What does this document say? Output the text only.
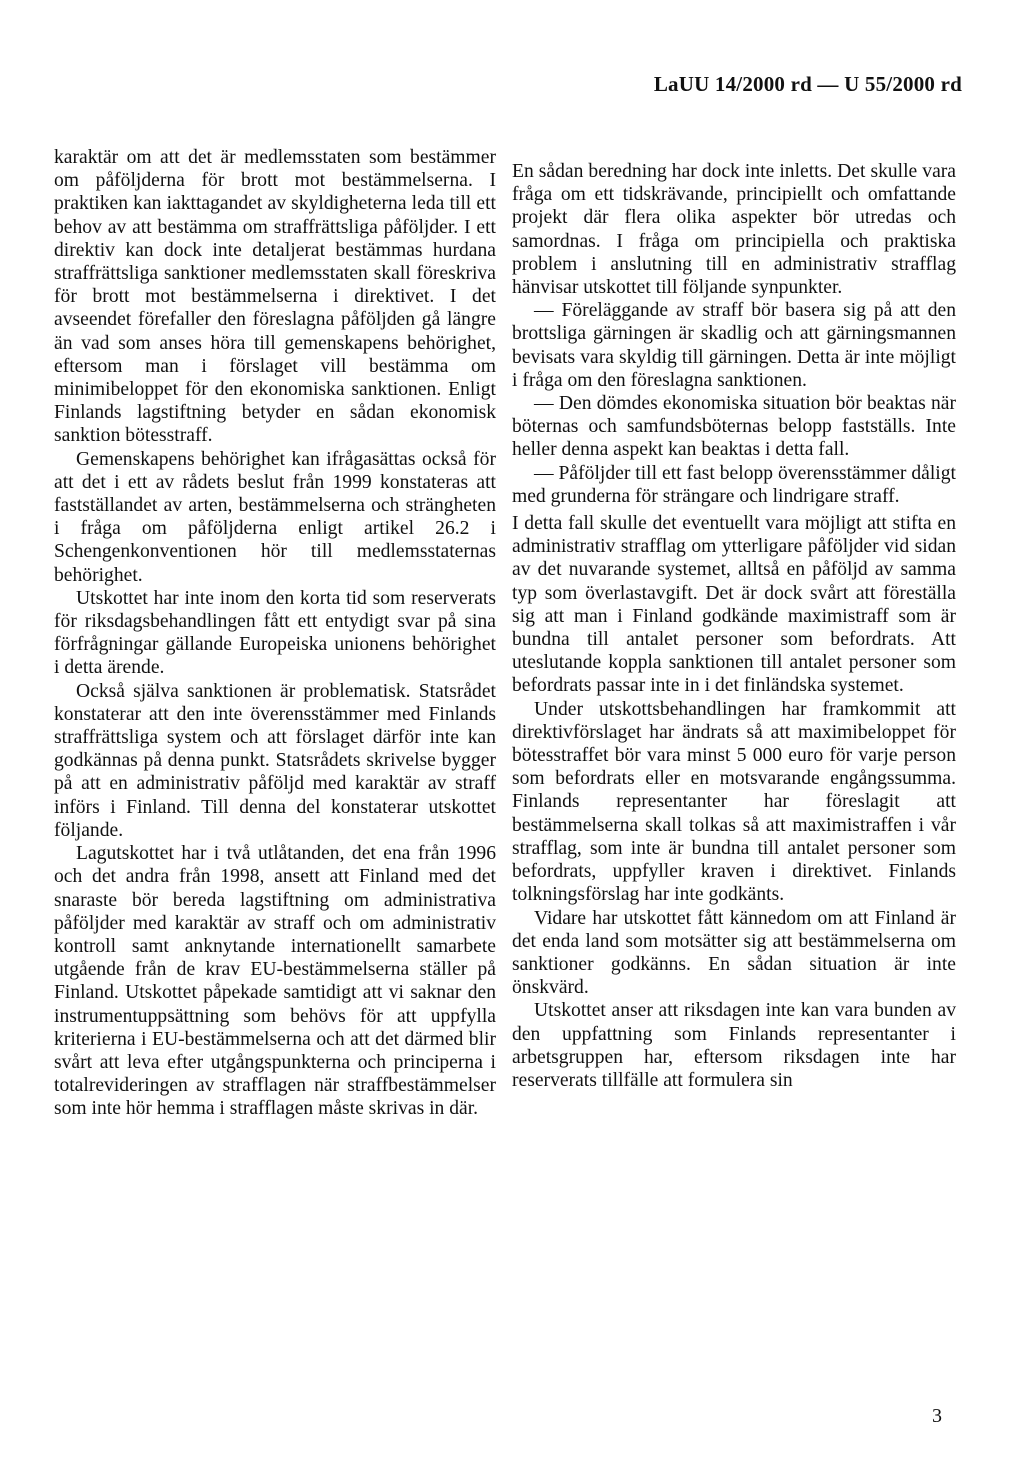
LaUU 14/2000 rd — U 55/2000 rd

karaktär om att det är medlemsstaten som bestämmer om påföljderna för brott mot bestämmelserna. I praktiken kan iakttagandet av skyldigheterna leda till ett behov av att bestämma om straffrättsliga påföljder. I ett direktiv kan dock inte detaljerat bestämmas hurdana straffrättsliga sanktioner medlemsstaten skall föreskriva för brott mot bestämmelserna i direktivet. I det avseendet förefaller den föreslagna påföljden gå längre än vad som anses höra till gemenskapens behörighet, eftersom man i förslaget vill bestämma om minimibeloppet för den ekonomiska sanktionen. Enligt Finlands lagstiftning betyder en sådan ekonomisk sanktion bötesstraff.

Gemenskapens behörighet kan ifrågasättas också för att det i ett av rådets beslut från 1999 konstateras att fastställandet av arten, bestämmelserna och strängheten i fråga om påföljderna enligt artikel 26.2 i Schengenkonventionen hör till medlemsstaternas behörighet.

Utskottet har inte inom den korta tid som reserverats för riksdagsbehandlingen fått ett entydigt svar på sina förfrågningar gällande Europeiska unionens behörighet i detta ärende.

Också själva sanktionen är problematisk. Statsrådet konstaterar att den inte överensstämmer med Finlands straffrättsliga system och att förslaget därför inte kan godkännas på denna punkt. Statsrådets skrivelse bygger på att en administrativ påföljd med karaktär av straff införs i Finland. Till denna del konstaterar utskottet följande.

Lagutskottet har i två utlåtanden, det ena från 1996 och det andra från 1998, ansett att Finland med det snaraste bör bereda lagstiftning om administrativa påföljder med karaktär av straff och om administrativ kontroll samt anknytande internationellt samarbete utgående från de krav EU-bestämmelserna ställer på Finland. Utskottet påpekade samtidigt att vi saknar den instrumentuppsättning som behövs för att uppfylla kriterierna i EU-bestämmelserna och att det därmed blir svårt att leva efter utgångspunkterna och principerna i totalrevideringen av strafflagen när straffbestämmelser som inte hör hemma i strafflagen måste skrivas in där.

En sådan beredning har dock inte inletts. Det skulle vara fråga om ett tidskrävande, principiellt och omfattande projekt där flera olika aspekter bör utredas och samordnas. I fråga om principiella och praktiska problem i anslutning till en administrativ strafflag hänvisar utskottet till följande synpunkter.

— Föreläggande av straff bör basera sig på att den brottsliga gärningen är skadlig och att gärningsmannen bevisats vara skyldig till gärningen. Detta är inte möjligt i fråga om den föreslagna sanktionen.

— Den dömdes ekonomiska situation bör beaktas när böternas och samfundsböternas belopp fastställs. Inte heller denna aspekt kan beaktas i detta fall.

— Påföljder till ett fast belopp överensstämmer dåligt med grunderna för strängare och lindrigare straff.

I detta fall skulle det eventuellt vara möjligt att stifta en administrativ strafflag om ytterligare påföljder vid sidan av det nuvarande systemet, alltså en påföljd av samma typ som överlastavgift. Det är dock svårt att föreställa sig att man i Finland godkände maximistraff som är bundna till antalet personer som befordrats. Att uteslutande koppla sanktionen till antalet personer som befordrats passar inte in i det finländska systemet.

Under utskottsbehandlingen har framkommit att direktivförslaget har ändrats så att maximibeloppet för bötesstraffet bör vara minst 5 000 euro för varje person som befordrats eller en motsvarande engångssumma. Finlands representanter har föreslagit att bestämmelserna skall tolkas så att maximistraffen i vår strafflag, som inte är bundna till antalet personer som befordrats, uppfyller kraven i direktivet. Finlands tolkningsförslag har inte godkänts.

Vidare har utskottet fått kännedom om att Finland är det enda land som motsätter sig att bestämmelserna om sanktioner godkänns. En sådan situation är inte önskvärd.

Utskottet anser att riksdagen inte kan vara bunden av den uppfattning som Finlands representanter i arbetsgruppen har, eftersom riksdagen inte har reserverats tillfälle att formulera sin

3
